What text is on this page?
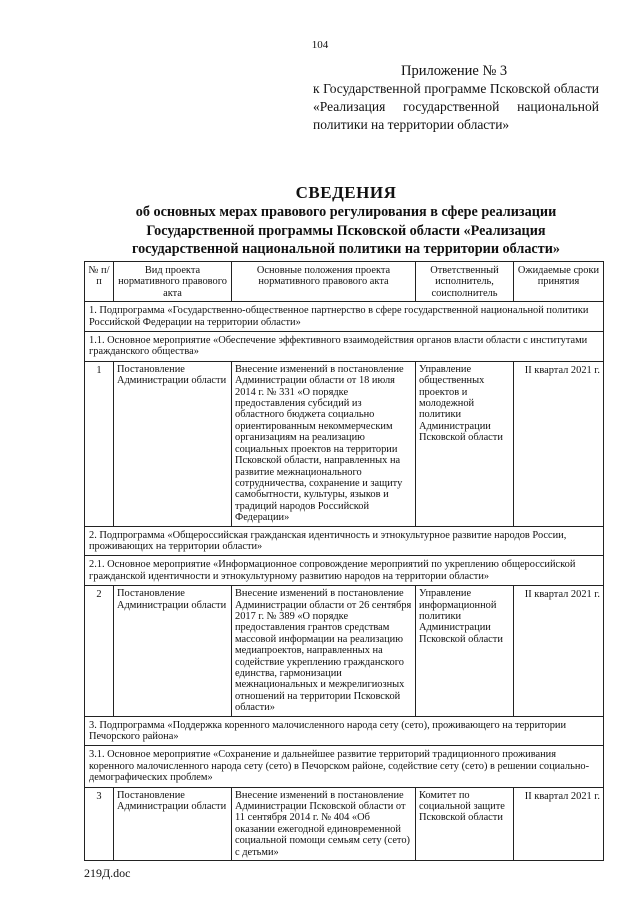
104
Приложение № 3
к Государственной программе Псковской области «Реализация государственной национальной политики на территории области»
СВЕДЕНИЯ
об основных мерах правового регулирования в сфере реализации Государственной программы Псковской области «Реализация государственной национальной политики на территории области»
№ п/п	Вид проекта нормативного правового акта	Основные положения проекта нормативного правового акта	Ответственный исполнитель, соисполнитель	Ожидаемые сроки принятия
1. Подпрограмма «Государственно-общественное партнерство в сфере государственной национальной политики Российской Федерации на территории области»				
1.1. Основное мероприятие «Обеспечение эффективного взаимодействия органов власти области с институтами гражданского общества»				
1	Постановление Администрации области	Внесение изменений в постановление Администрации области от 18 июля 2014 г. № 331 «О порядке предоставления субсидий из областного бюджета социально ориентированным некоммерческим организациям на реализацию социальных проектов на территории Псковской области, направленных на развитие межнационального сотрудничества, сохранение и защиту самобытности, культуры, языков и традиций народов Российской Федерации»	Управление общественных проектов и молодежной политики Администрации Псковской области	II квартал 2021 г.
2. Подпрограмма «Общероссийская гражданская идентичность и этнокультурное развитие народов России, проживающих на территории области»				
2.1. Основное мероприятие «Информационное сопровождение мероприятий по укреплению общероссийской гражданской идентичности и этнокультурному развитию народов на территории области»				
2	Постановление Администрации области	Внесение изменений в постановление Администрации области от 26 сентября 2017 г. № 389 «О порядке предоставления грантов средствам массовой информации на реализацию медиапроектов, направленных на содействие укреплению гражданского единства, гармонизации межнациональных и межрелигиозных отношений на территории Псковской области»	Управление информационной политики Администрации Псковской области	II квартал 2021 г.
3. Подпрограмма «Поддержка коренного малочисленного народа сету (сето), проживающего на территории Печорского района»				
3.1. Основное мероприятие «Сохранение и дальнейшее развитие территорий традиционного проживания коренного малочисленного народа сету (сето) в Печорском районе, содействие сету (сето) в решении социально-демографических проблем»				
3	Постановление Администрации области	Внесение изменений в постановление Администрации Псковской области от 11 сентября 2014 г. № 404 «Об оказании ежегодной единовременной социальной помощи семьям сету (сето) с детьми»	Комитет по социальной защите Псковской области	II квартал 2021 г.
219Д.doc
